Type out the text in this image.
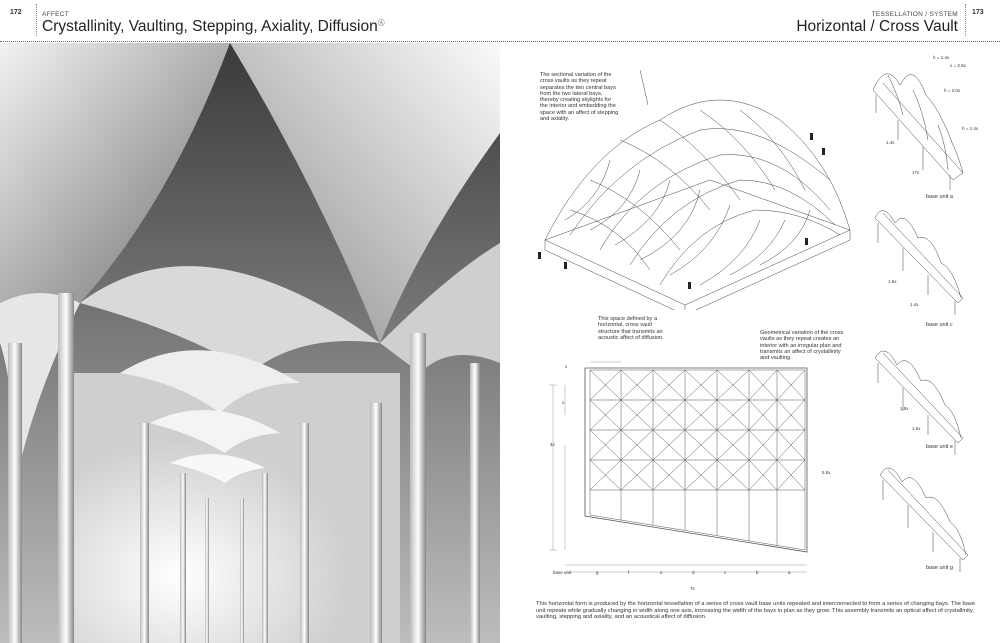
172	AFFECT
Crystallinity, Vaulting, Stepping, Axiality, DiffusionⒶ
TESSELLATION / SYSTEM
Horizontal / Cross Vault
173
The sectional variation of the cross vaults as they repeat separates the two central bays from the two lateral bays, thereby creating skylights for the interior and embedding the space with an affect of stepping and axiality.
base unit a
base unit c
base unit e
base unit g
h = 1.4x
x = 2.5x
h = 2.0x
h = 1.4x
1.4x
17x
1.6x
1.4x
1.5x
1.5x
This space defined by a horizontal, cross vault structure that transmits an acoustic affect of diffusion.
Geometrical variation of the cross vaults as they repeat creates an interior with an irregular plan and transmits an affect of crystallinity and vaulting.
x
x
4x
5.5x
7x
base unit	g	f	e	d	c	b	a
This horizontal form is produced by the horizontal tessellation of a series of cross vault base units repeated and interconnected to form a series of changing bays. The base unit repeats while gradually changing in width along one axis, increasing the width of the bays in plan as they grow. This assembly transmits an optical affect of crystallinity, vaulting, stepping and axiality, and an acoustical affect of diffusion.
